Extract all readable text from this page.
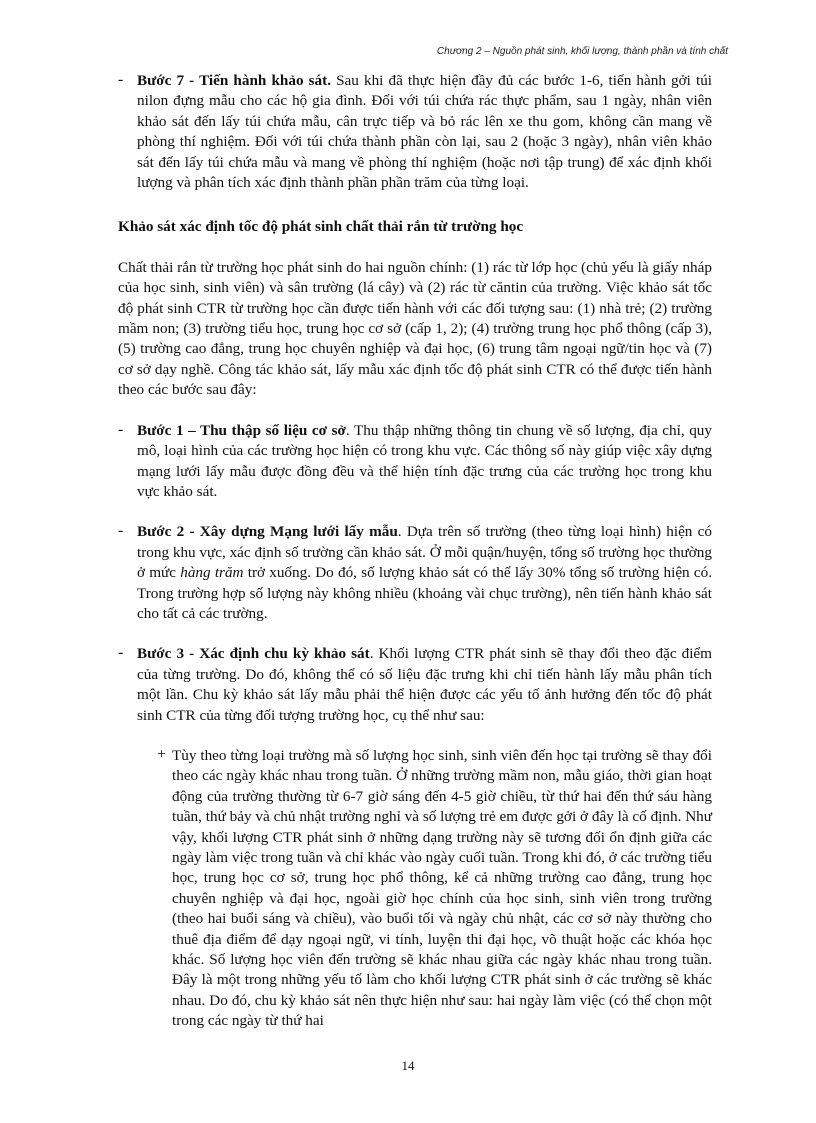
Chương 2 – Nguồn phát sinh, khối lượng, thành phần và tính chất
- Bước 7 - Tiến hành khảo sát. Sau khi đã thực hiện đầy đủ các bước 1-6, tiến hành gởi túi nilon đựng mẫu cho các hộ gia đình. Đối với túi chứa rác thực phẩm, sau 1 ngày, nhân viên khảo sát đến lấy túi chứa mẫu, cân trực tiếp và bỏ rác lên xe thu gom, không cần mang về phòng thí nghiệm. Đối với túi chứa thành phần còn lại, sau 2 (hoặc 3 ngày), nhân viên khảo sát đến lấy túi chứa mẫu và mang về phòng thí nghiệm (hoặc nơi tập trung) để xác định khối lượng và phân tích xác định thành phần phần trăm của từng loại.

Khảo sát xác định tốc độ phát sinh chất thải rắn từ trường học

Chất thải rắn từ trường học phát sinh do hai nguồn chính: (1) rác từ lớp học (chủ yếu là giấy nháp của học sinh, sinh viên) và sân trường (lá cây) và (2) rác từ căntin của trường. Việc khảo sát tốc độ phát sinh CTR từ trường học cần được tiến hành với các đối tượng sau: (1) nhà trẻ; (2) trường mầm non; (3) trường tiểu học, trung học cơ sở (cấp 1, 2); (4) trường trung học phổ thông (cấp 3), (5) trường cao đẳng, trung học chuyên nghiệp và đại học, (6) trung tâm ngoại ngữ/tin học và (7) cơ sở dạy nghề. Công tác khảo sát, lấy mẫu xác định tốc độ phát sinh CTR có thể được tiến hành theo các bước sau đây:

- Bước 1 – Thu thập số liệu cơ sở. Thu thập những thông tin chung về số lượng, địa chỉ, quy mô, loại hình của các trường học hiện có trong khu vực. Các thông số này giúp việc xây dựng mạng lưới lấy mẫu được đồng đều và thể hiện tính đặc trưng của các trường học trong khu vực khảo sát.

- Bước 2 - Xây dựng Mạng lưới lấy mẫu. Dựa trên số trường (theo từng loại hình) hiện có trong khu vực, xác định số trường cần khảo sát. Ở mỗi quận/huyện, tổng số trường học thường ở mức hàng trăm trở xuống. Do đó, số lượng khảo sát có thể lấy 30% tổng số trường hiện có. Trong trường hợp số lượng này không nhiều (khoảng vài chục trường), nên tiến hành khảo sát cho tất cả các trường.

- Bước 3 - Xác định chu kỳ khảo sát. Khối lượng CTR phát sinh sẽ thay đổi theo đặc điểm của từng trường. Do đó, không thể có số liệu đặc trưng khi chỉ tiến hành lấy mẫu phân tích một lần. Chu kỳ khảo sát lấy mẫu phải thể hiện được các yếu tố ảnh hưởng đến tốc độ phát sinh CTR của từng đối tượng trường học, cụ thể như sau:

+ Tùy theo từng loại trường mà số lượng học sinh, sinh viên đến học tại trường sẽ thay đổi theo các ngày khác nhau trong tuần. Ở những trường mầm non, mẫu giáo, thời gian hoạt động của trường thường từ 6-7 giờ sáng đến 4-5 giờ chiều, từ thứ hai đến thứ sáu hàng tuần, thứ bảy và chủ nhật trường nghỉ và số lượng trẻ em được gởi ở đây là cố định. Như vậy, khối lượng CTR phát sinh ở những dạng trường này sẽ tương đối ổn định giữa các ngày làm việc trong tuần và chỉ khác vào ngày cuối tuần. Trong khi đó, ở các trường tiểu học, trung học cơ sở, trung học phổ thông, kể cả những trường cao đẳng, trung học chuyên nghiệp và đại học, ngoài giờ học chính của học sinh, sinh viên trong trường (theo hai buổi sáng và chiều), vào buổi tối và ngày chủ nhật, các cơ sở này thường cho thuê địa điểm để dạy ngoại ngữ, vi tính, luyện thi đại học, võ thuật hoặc các khóa học khác. Số lượng học viên đến trường sẽ khác nhau giữa các ngày khác nhau trong tuần. Đây là một trong những yếu tố làm cho khối lượng CTR phát sinh ở các trường sẽ khác nhau. Do đó, chu kỳ khảo sát nên thực hiện như sau: hai ngày làm việc (có thể chọn một trong các ngày từ thứ hai

14
